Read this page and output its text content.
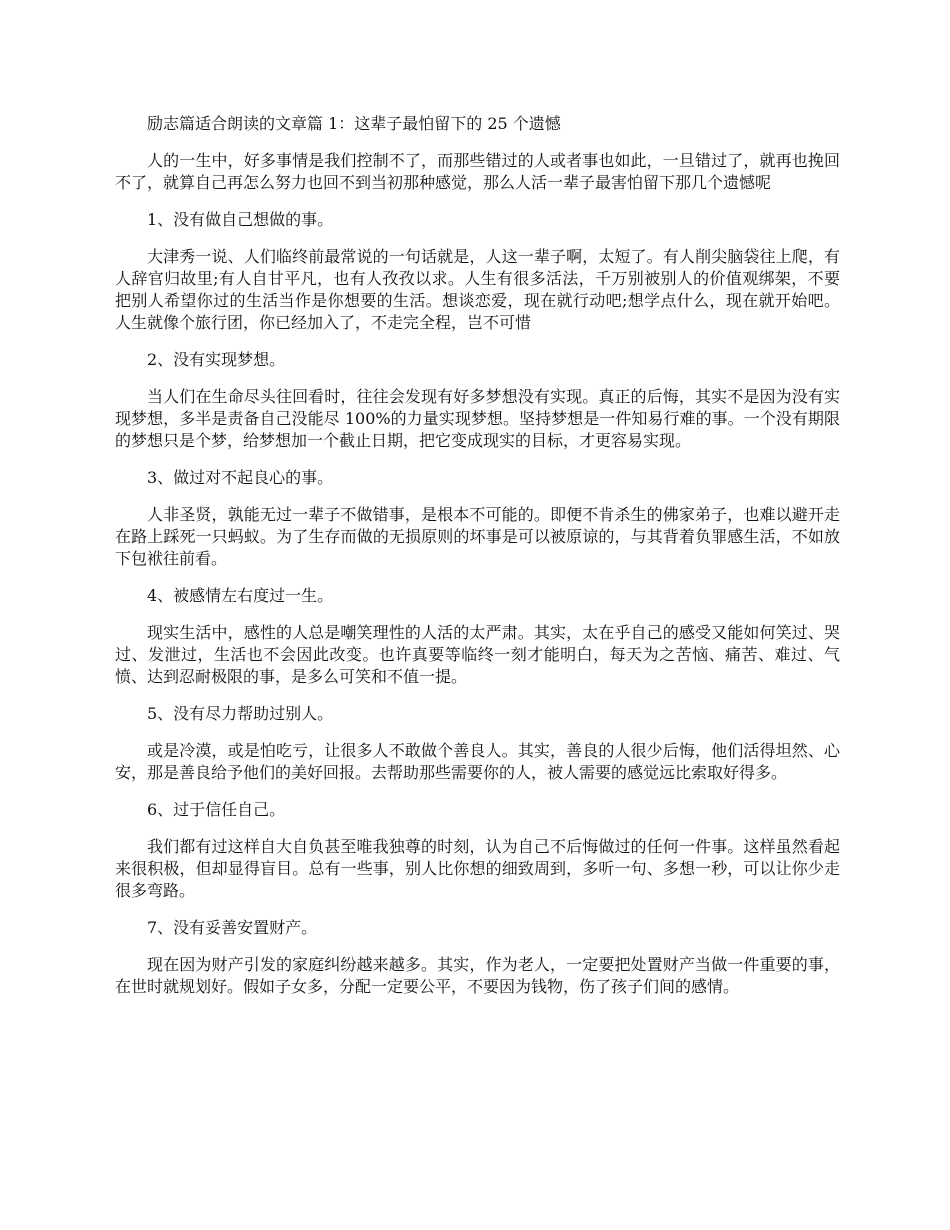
励志篇适合朗读的文章篇 1：这辈子最怕留下的 25 个遗憾

人的一生中，好多事情是我们控制不了，而那些错过的人或者事也如此，一旦错过了，就再也挽回不了，就算自己再怎么努力也回不到当初那种感觉，那么人活一辈子最害怕留下那几个遗憾呢

1、没有做自己想做的事。

大津秀一说、人们临终前最常说的一句话就是，人这一辈子啊，太短了。有人削尖脑袋往上爬，有人辞官归故里;有人自甘平凡，也有人孜孜以求。人生有很多活法，千万别被别人的价值观绑架，不要把别人希望你过的生活当作是你想要的生活。想谈恋爱，现在就行动吧;想学点什么，现在就开始吧。人生就像个旅行团，你已经加入了，不走完全程，岂不可惜

2、没有实现梦想。

当人们在生命尽头往回看时，往往会发现有好多梦想没有实现。真正的后悔，其实不是因为没有实现梦想，多半是责备自己没能尽 100%的力量实现梦想。坚持梦想是一件知易行难的事。一个没有期限的梦想只是个梦，给梦想加一个截止日期，把它变成现实的目标，才更容易实现。

3、做过对不起良心的事。

人非圣贤，孰能无过一辈子不做错事，是根本不可能的。即便不肯杀生的佛家弟子，也难以避开走在路上踩死一只蚂蚁。为了生存而做的无损原则的坏事是可以被原谅的，与其背着负罪感生活，不如放下包袱往前看。

4、被感情左右度过一生。

现实生活中，感性的人总是嘲笑理性的人活的太严肃。其实，太在乎自己的感受又能如何笑过、哭过、发泄过，生活也不会因此改变。也许真要等临终一刻才能明白，每天为之苦恼、痛苦、难过、气愤、达到忍耐极限的事，是多么可笑和不值一提。

5、没有尽力帮助过别人。

或是冷漠，或是怕吃亏，让很多人不敢做个善良人。其实，善良的人很少后悔，他们活得坦然、心安，那是善良给予他们的美好回报。去帮助那些需要你的人，被人需要的感觉远比索取好得多。

6、过于信任自己。

我们都有过这样自大自负甚至唯我独尊的时刻，认为自己不后悔做过的任何一件事。这样虽然看起来很积极，但却显得盲目。总有一些事，别人比你想的细致周到，多听一句、多想一秒，可以让你少走很多弯路。

7、没有妥善安置财产。

现在因为财产引发的家庭纠纷越来越多。其实，作为老人，一定要把处置财产当做一件重要的事，在世时就规划好。假如子女多，分配一定要公平，不要因为钱物，伤了孩子们间的感情。
